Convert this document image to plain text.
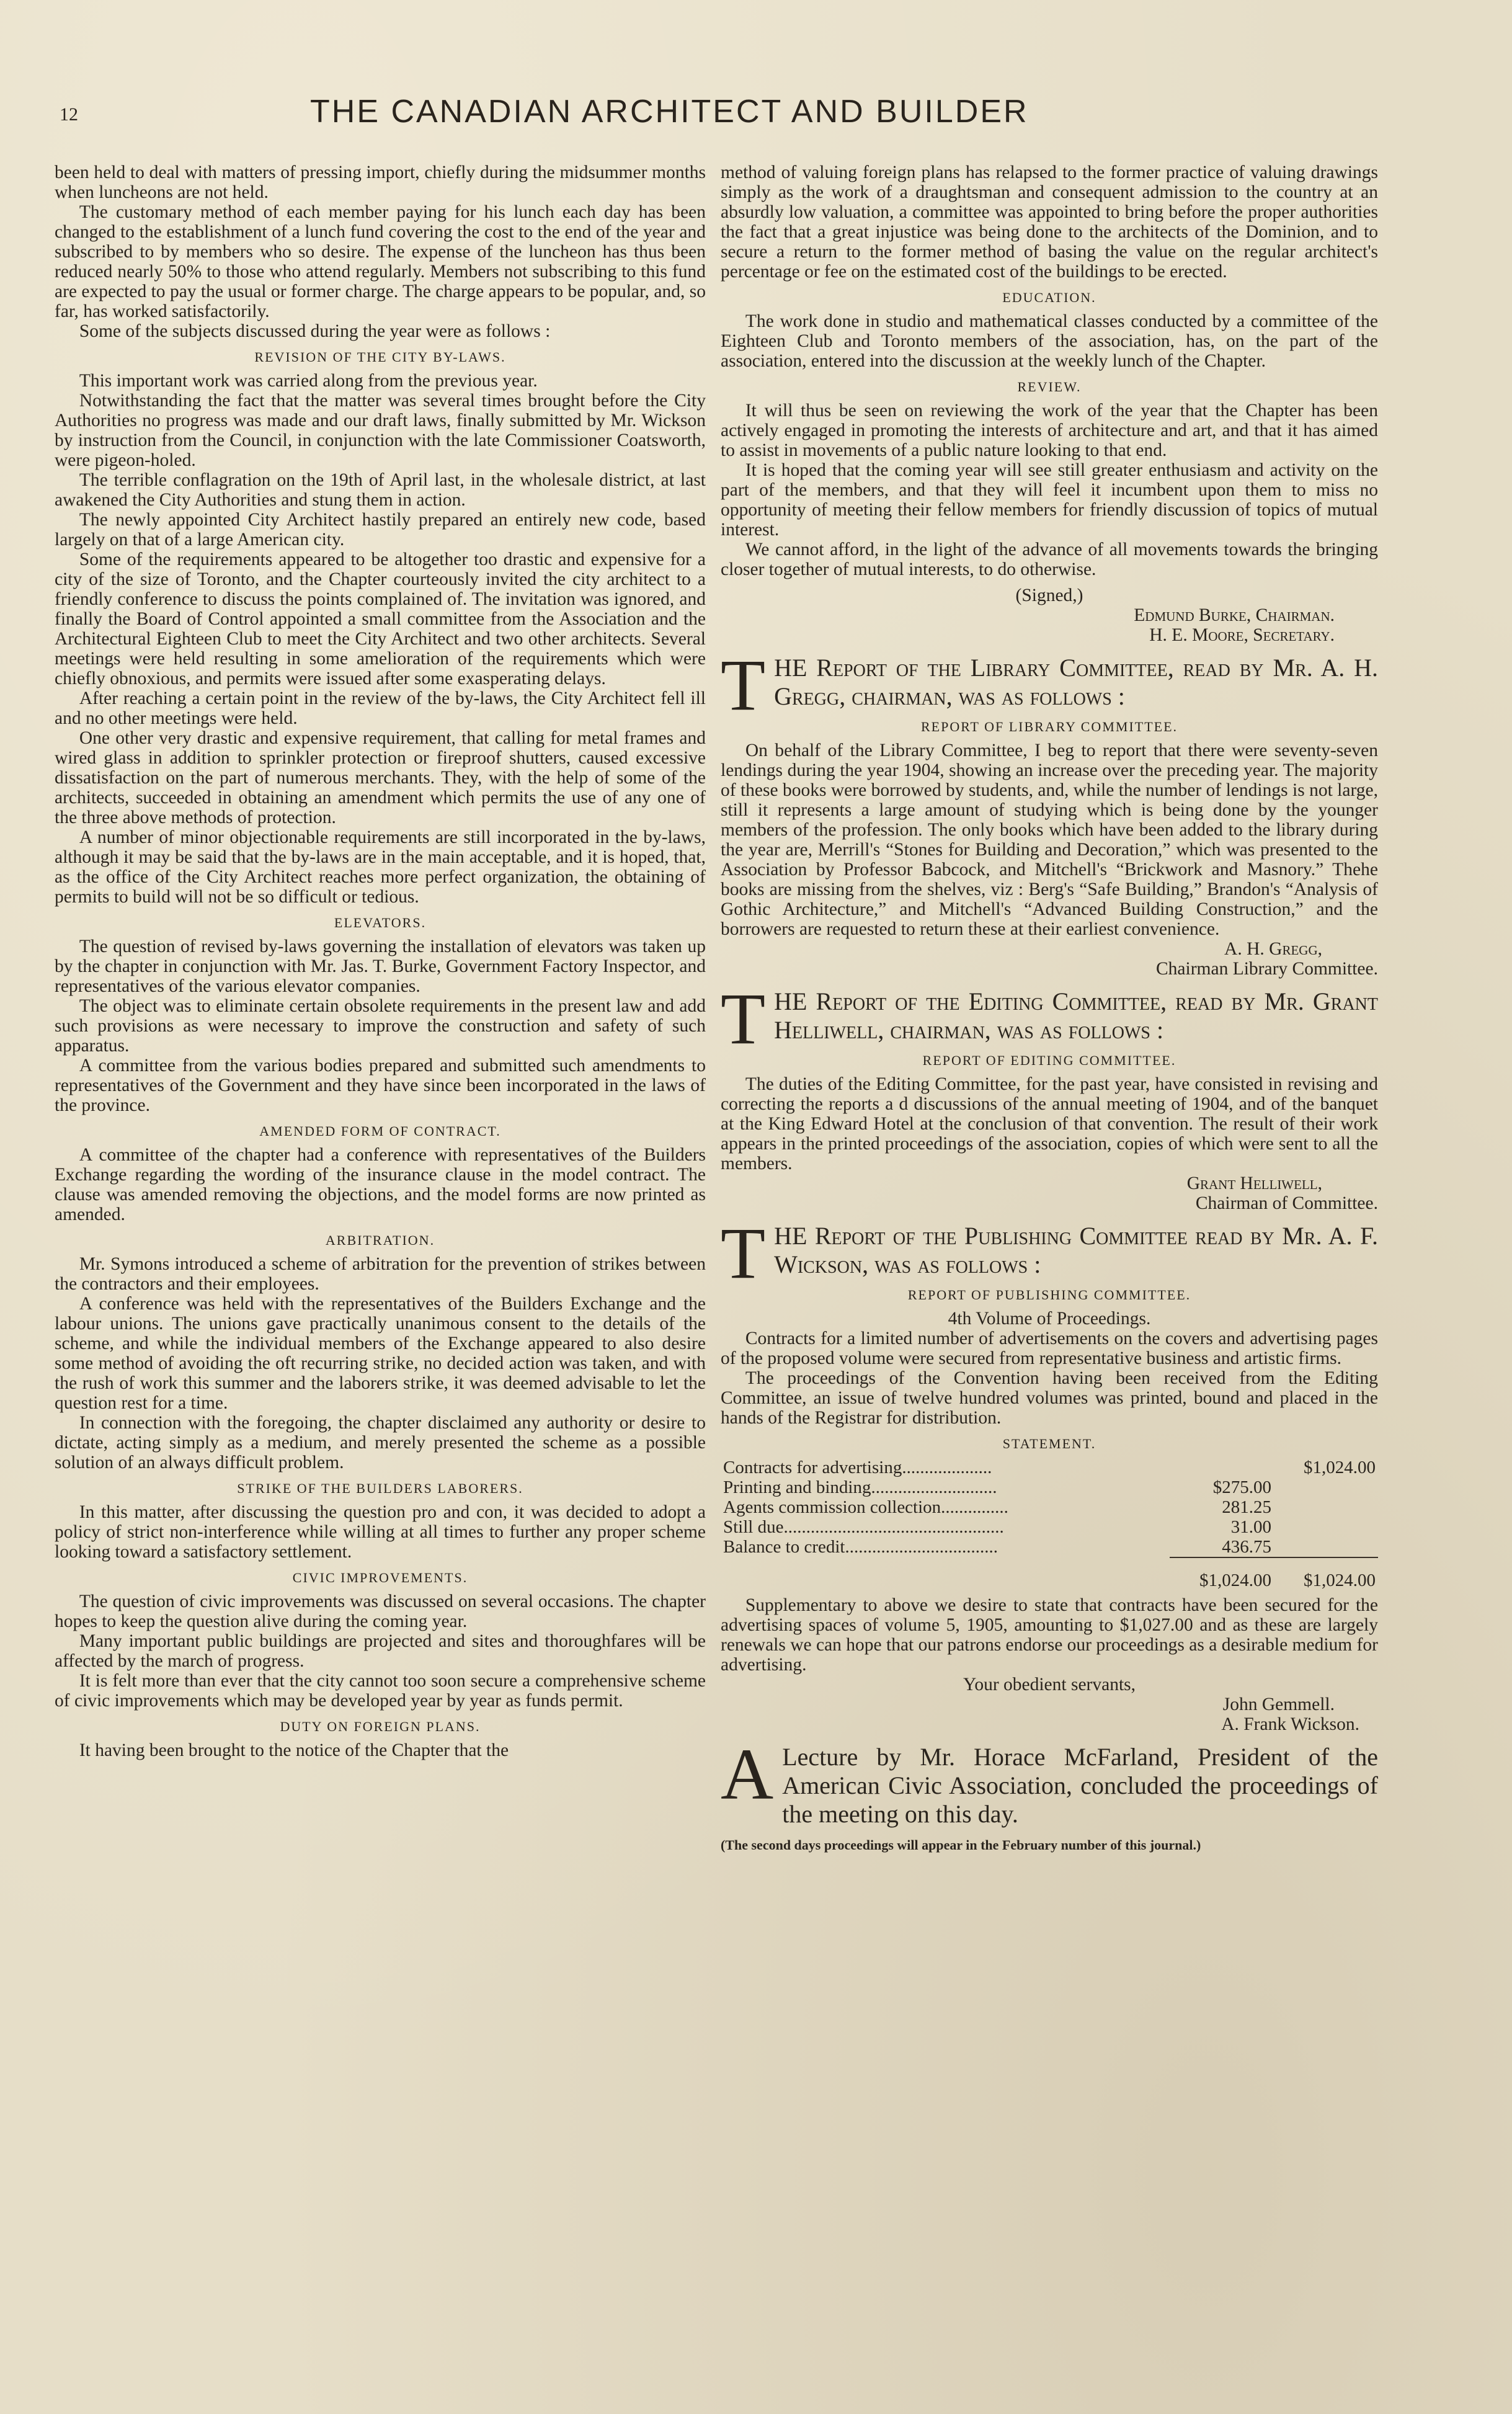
12	THE CANADIAN ARCHITECT AND BUILDER

been held to deal with matters of pressing import, chiefly during the midsummer months when luncheons are not held.

The customary method of each member paying for his lunch each day has been changed to the establishment of a lunch fund covering the cost to the end of the year and subscribed to by members who so desire. The expense of the luncheon has thus been reduced nearly 50% to those who attend regularly. Members not subscribing to this fund are expected to pay the usual or former charge. The charge appears to be popular, and, so far, has worked satisfactorily.

Some of the subjects discussed during the year were as follows :

REVISION OF THE CITY BY-LAWS.

This important work was carried along from the previous year.

Notwithstanding the fact that the matter was several times brought before the City Authorities no progress was made and our draft laws, finally submitted by Mr. Wickson by instruction from the Council, in conjunction with the late Commissioner Coatsworth, were pigeon-holed.

The terrible conflagration on the 19th of April last, in the wholesale district, at last awakened the City Authorities and stung them in action.

The newly appointed City Architect hastily prepared an entirely new code, based largely on that of a large American city.

Some of the requirements appeared to be altogether too drastic and expensive for a city of the size of Toronto, and the Chapter courteously invited the city architect to a friendly conference to discuss the points complained of. The invitation was ignored, and finally the Board of Control appointed a small committee from the Association and the Architectural Eighteen Club to meet the City Architect and two other architects. Several meetings were held resulting in some amelioration of the requirements which were chiefly obnoxious, and permits were issued after some exasperating delays.

After reaching a certain point in the review of the by-laws, the City Architect fell ill and no other meetings were held.

One other very drastic and expensive requirement, that calling for metal frames and wired glass in addition to sprinkler protection or fireproof shutters, caused excessive dissatisfaction on the part of numerous merchants. They, with the help of some of the architects, succeeded in obtaining an amendment which permits the use of any one of the three above methods of protection.

A number of minor objectionable requirements are still incorporated in the by-laws, although it may be said that the by-laws are in the main acceptable, and it is hoped, that, as the office of the City Architect reaches more perfect organization, the obtaining of permits to build will not be so difficult or tedious.

ELEVATORS.

The question of revised by-laws governing the installation of elevators was taken up by the chapter in conjunction with Mr. Jas. T. Burke, Government Factory Inspector, and representatives of the various elevator companies.

The object was to eliminate certain obsolete requirements in the present law and add such provisions as were necessary to improve the construction and safety of such apparatus.

A committee from the various bodies prepared and submitted such amendments to representatives of the Government and they have since been incorporated in the laws of the province.

AMENDED FORM OF CONTRACT.

A committee of the chapter had a conference with representatives of the Builders Exchange regarding the wording of the insurance clause in the model contract. The clause was amended removing the objections, and the model forms are now printed as amended.

ARBITRATION.

Mr. Symons introduced a scheme of arbitration for the prevention of strikes between the contractors and their employees.

A conference was held with the representatives of the Builders Exchange and the labour unions. The unions gave practically unanimous consent to the details of the scheme, and while the individual members of the Exchange appeared to also desire some method of avoiding the oft recurring strike, no decided action was taken, and with the rush of work this summer and the laborers strike, it was deemed advisable to let the question rest for a time.

In connection with the foregoing, the chapter disclaimed any authority or desire to dictate, acting simply as a medium, and merely presented the scheme as a possible solution of an always difficult problem.

STRIKE OF THE BUILDERS LABORERS.

In this matter, after discussing the question pro and con, it was decided to adopt a policy of strict non-interference while willing at all times to further any proper scheme looking toward a satisfactory settlement.

CIVIC IMPROVEMENTS.

The question of civic improvements was discussed on several occasions. The chapter hopes to keep the question alive during the coming year.

Many important public buildings are projected and sites and thoroughfares will be affected by the march of progress.

It is felt more than ever that the city cannot too soon secure a comprehensive scheme of civic improvements which may be developed year by year as funds permit.

DUTY ON FOREIGN PLANS.

It having been brought to the notice of the Chapter that the

method of valuing foreign plans has relapsed to the former practice of valuing drawings simply as the work of a draughtsman and consequent admission to the country at an absurdly low valuation, a committee was appointed to bring before the proper authorities the fact that a great injustice was being done to the architects of the Dominion, and to secure a return to the former method of basing the value on the regular architect's percentage or fee on the estimated cost of the buildings to be erected.

EDUCATION.

The work done in studio and mathematical classes conducted by a committee of the Eighteen Club and Toronto members of the association, has, on the part of the association, entered into the discussion at the weekly lunch of the Chapter.

REVIEW.

It will thus be seen on reviewing the work of the year that the Chapter has been actively engaged in promoting the interests of architecture and art, and that it has aimed to assist in movements of a public nature looking to that end.

It is hoped that the coming year will see still greater enthusiasm and activity on the part of the members, and that they will feel it incumbent upon them to miss no opportunity of meeting their fellow members for friendly discussion of topics of mutual interest.

We cannot afford, in the light of the advance of all movements towards the bringing closer together of mutual interests, to do otherwise.

(Signed,)
Edmund Burke, Chairman.
H. E. Moore, Secretary.
T HE Report of the Library Committee, read by Mr. A. H. Gregg, chairman, was as follows :

REPORT OF LIBRARY COMMITTEE.

On behalf of the Library Committee, I beg to report that there were seventy-seven lendings during the year 1904, showing an increase over the preceding year. The majority of these books were borrowed by students, and, while the number of lendings is not large, still it represents a large amount of studying which is being done by the younger members of the profession. The only books which have been added to the library during the year are, Merrill's “Stones for Building and Decoration,” which was presented to the Association by Professor Babcock, and Mitchell's “Brickwork and Masnory.” Thehe books are missing from the shelves, viz : Berg's “Safe Building,” Brandon's “Analysis of Gothic Architecture,” and Mitchell's “Advanced Building Construction,” and the borrowers are requested to return these at their earliest convenience.

A. H. Gregg,
Chairman Library Committee.
T HE Report of the Editing Committee, read by Mr. Grant Helliwell, chairman, was as follows :

REPORT OF EDITING COMMITTEE.

The duties of the Editing Committee, for the past year, have consisted in revising and correcting the reports a d discussions of the annual meeting of 1904, and of the banquet at the King Edward Hotel at the conclusion of that convention. The result of their work appears in the printed proceedings of the association, copies of which were sent to all the members.

Grant Helliwell,
Chairman of Committee.
T HE Report of the Publishing Committee read by Mr. A. F. Wickson, was as follows :

REPORT OF PUBLISHING COMMITTEE.
4th Volume of Proceedings.

Contracts for a limited number of advertisements on the covers and advertising pages of the proposed volume were secured from representative business and artistic firms.

The proceedings of the Convention having been received from the Editing Committee, an issue of twelve hundred volumes was printed, bound and placed in the hands of the Registrar for distribution.

STATEMENT.
Contracts for advertising....................		$1,024.00
Printing and binding............................	$275.00	
Agents commission collection...............	281.25	
Still due.................................................	31.00	
Balance to credit..................................	436.75	
	$1,024.00	$1,024.00

Supplementary to above we desire to state that contracts have been secured for the advertising spaces of volume 5, 1905, amounting to $1,027.00 and as these are largely renewals we can hope that our patrons endorse our proceedings as a desirable medium for advertising.

Your obedient servants,
John Gemmell.
A. Frank Wickson.
A Lecture by Mr. Horace McFarland, President of the American Civic Association, concluded the proceedings of the meeting on this day.

(The second days proceedings will appear in the February number of this journal.)
